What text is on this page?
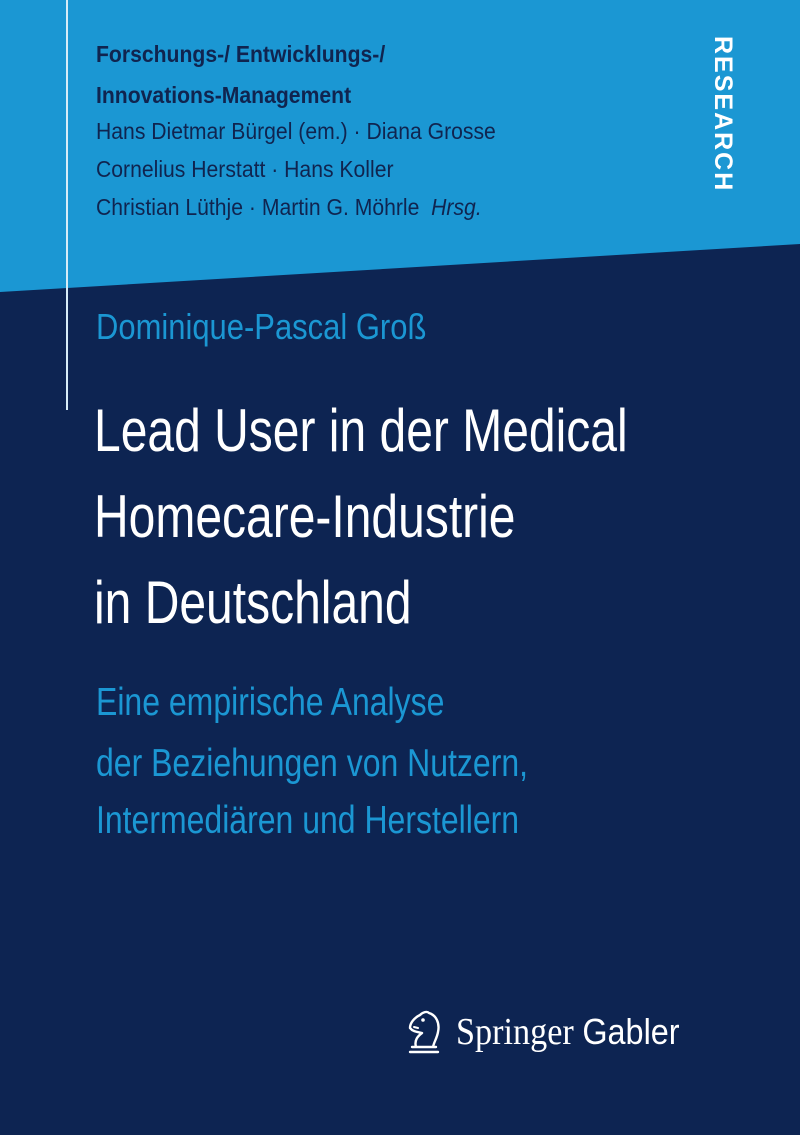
Forschungs-/ Entwicklungs-/
Innovations-Management
Hans Dietmar Bürgel (em.) · Diana Grosse
Cornelius Herstatt · Hans Koller
Christian Lüthje · Martin G. Möhrle Hrsg.
RESEARCH
Dominique-Pascal Groß
Lead User in der Medical
Homecare-Industrie
in Deutschland
Eine empirische Analyse
der Beziehungen von Nutzern,
Intermediären und Herstellern
Springer Gabler
